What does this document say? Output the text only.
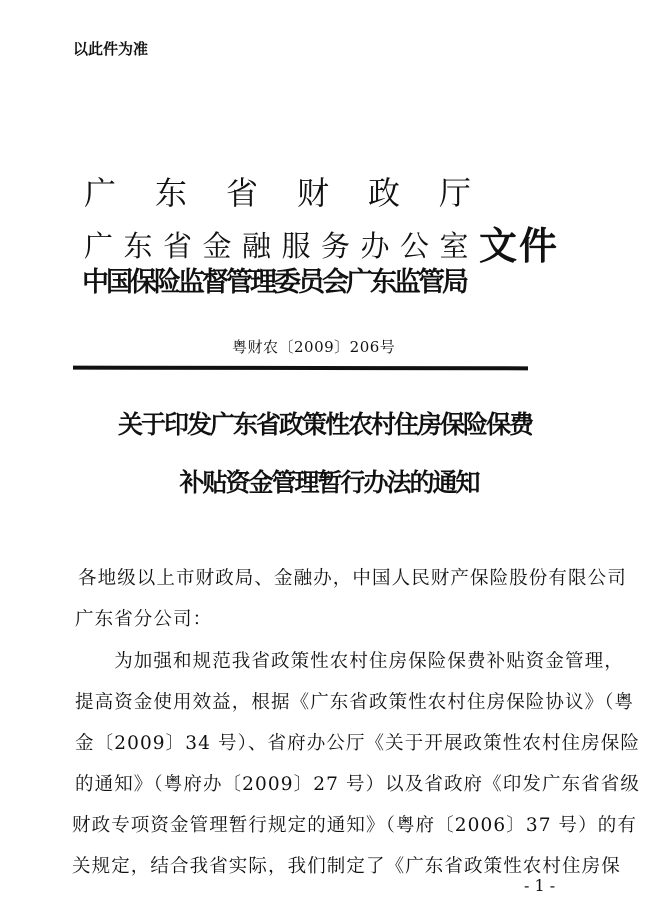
以此件为准
广 东 省 财 政 厅
广 东 省 金 融 服 务 办 公 室 文件
中国保险监督管理委员会广东监管局
粤财农〔2009〕206号
关于印发广东省政策性农村住房保险保费
补贴资金管理暂行办法的通知
各地级以上市财政局、金融办，中国人民财产保险股份有限公司
广东省分公司：
　　为加强和规范我省政策性农村住房保险保费补贴资金管理，
提高资金使用效益，根据《广东省政策性农村住房保险协议》（粤
金〔2009〕34 号）、省府办公厅《关于开展政策性农村住房保险
的通知》（粤府办〔2009〕27 号）以及省政府《印发广东省省级
财政专项资金管理暂行规定的通知》（粤府〔2006〕37 号）的有
关规定，结合我省实际，我们制定了《广东省政策性农村住房保
- 1 -
